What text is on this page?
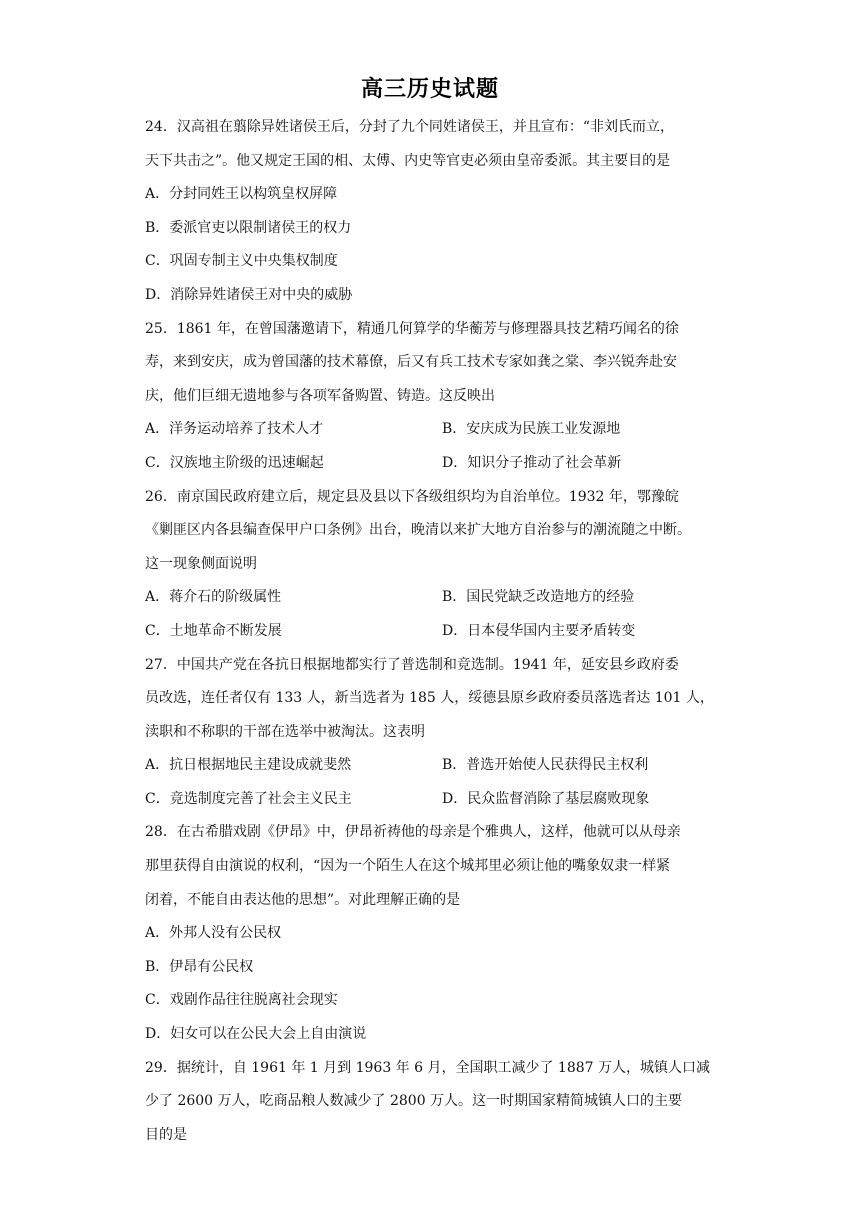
高三历史试题
24．汉高祖在翦除异姓诸侯王后，分封了九个同姓诸侯王，并且宣布：“非刘氏而立，
天下共击之”。他又规定王国的相、太傅、内史等官吏必须由皇帝委派。其主要目的是
A．分封同姓王以构筑皇权屏障
B．委派官吏以限制诸侯王的权力
C．巩固专制主义中央集权制度
D．消除异姓诸侯王对中央的威胁
25．1861 年，在曾国藩邀请下，精通几何算学的华蘅芳与修理器具技艺精巧闻名的徐
寿，来到安庆，成为曾国藩的技术幕僚，后又有兵工技术专家如龚之棠、李兴锐奔赴安
庆，他们巨细无遗地参与各项军备购置、铸造。这反映出
A．洋务运动培养了技术人才	B．安庆成为民族工业发源地
C．汉族地主阶级的迅速崛起	D．知识分子推动了社会革新
26．南京国民政府建立后，规定县及县以下各级组织均为自治单位。1932 年，鄂豫皖
《剿匪区内各县编查保甲户口条例》出台，晚清以来扩大地方自治参与的潮流随之中断。
这一现象侧面说明
A．蒋介石的阶级属性	B．国民党缺乏改造地方的经验
C．土地革命不断发展	D．日本侵华国内主要矛盾转变
27．中国共产党在各抗日根据地都实行了普选制和竞选制。1941 年，延安县乡政府委
员改选，连任者仅有 133 人，新当选者为 185 人，绥德县原乡政府委员落选者达 101 人，
渎职和不称职的干部在选举中被淘汰。这表明
A．抗日根据地民主建设成就斐然	B．普选开始使人民获得民主权利
C．竞选制度完善了社会主义民主	D．民众监督消除了基层腐败现象
28．在古希腊戏剧《伊昂》中，伊昂祈祷他的母亲是个雅典人，这样，他就可以从母亲
那里获得自由演说的权利，“因为一个陌生人在这个城邦里必须让他的嘴象奴隶一样紧
闭着，不能自由表达他的思想”。对此理解正确的是
A．外邦人没有公民权
B．伊昂有公民权
C．戏剧作品往往脱离社会现实
D．妇女可以在公民大会上自由演说
29．据统计，自 1961 年 1 月到 1963 年 6 月，全国职工减少了 1887 万人，城镇人口减
少了 2600 万人，吃商品粮人数减少了 2800 万人。这一时期国家精简城镇人口的主要
目的是
